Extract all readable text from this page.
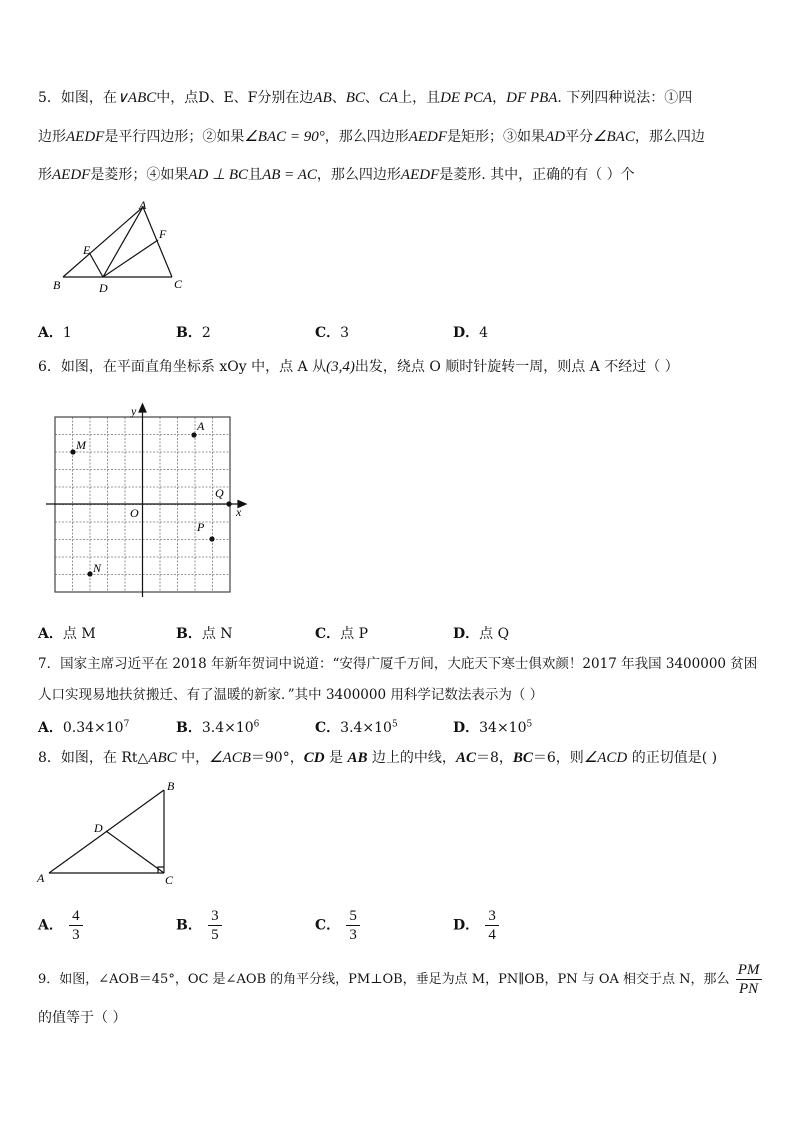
5．如图，在∨ABC中，点D、E、F分别在边AB、BC、CA上，且DE PCA，DF PBA. 下列四种说法：①四
边形AEDF是平行四边形；②如果∠BAC = 90°，那么四边形AEDF是矩形；③如果AD平分∠BAC，那么四边
形AEDF是菱形；④如果AD ⊥ BC且AB = AC，那么四边形AEDF是菱形. 其中，正确的有（ ）个
A
B	C
D
E
F
A．1	B．2	C．3	D．4
6．如图，在平面直角坐标系 xOy 中，点 A 从(3,4)出发，绕点 O 顺时针旋转一周，则点 A 不经过（ ）
y
x
O
A
M
Q
P
N
A．点 M	B．点 N	C．点 P	D．点 Q
7．国家主席习近平在 2018 年新年贺词中说道：“安得广厦千万间，大庇天下寒士俱欢颜！2017 年我国 3400000 贫困
人口实现易地扶贫搬迁、有了温暖的新家．”其中 3400000 用科学记数法表示为（ ）
A．$0.34\times 10^7$	B．$3.4\times 10^6$	C．$3.4\times 10^5$	D．$34\times 10^5$
8．如图，在 Rt△ABC 中，∠ACB＝90°，CD 是 AB 边上的中线，AC＝8，BC＝6，则∠ACD 的正切值是( )
A
B
C
D
A． $\frac{4}{3}$	B． $\frac{3}{5}$	C． $\frac{5}{3}$	D． $\frac{3}{4}$
9．如图，∠AOB＝45°，OC 是∠AOB 的角平分线，PM⊥OB，垂足为点 M，PN∥OB，PN 与 OA 相交于点 N，那么 $\frac{PM}{PN}$
的值等于（ ）
